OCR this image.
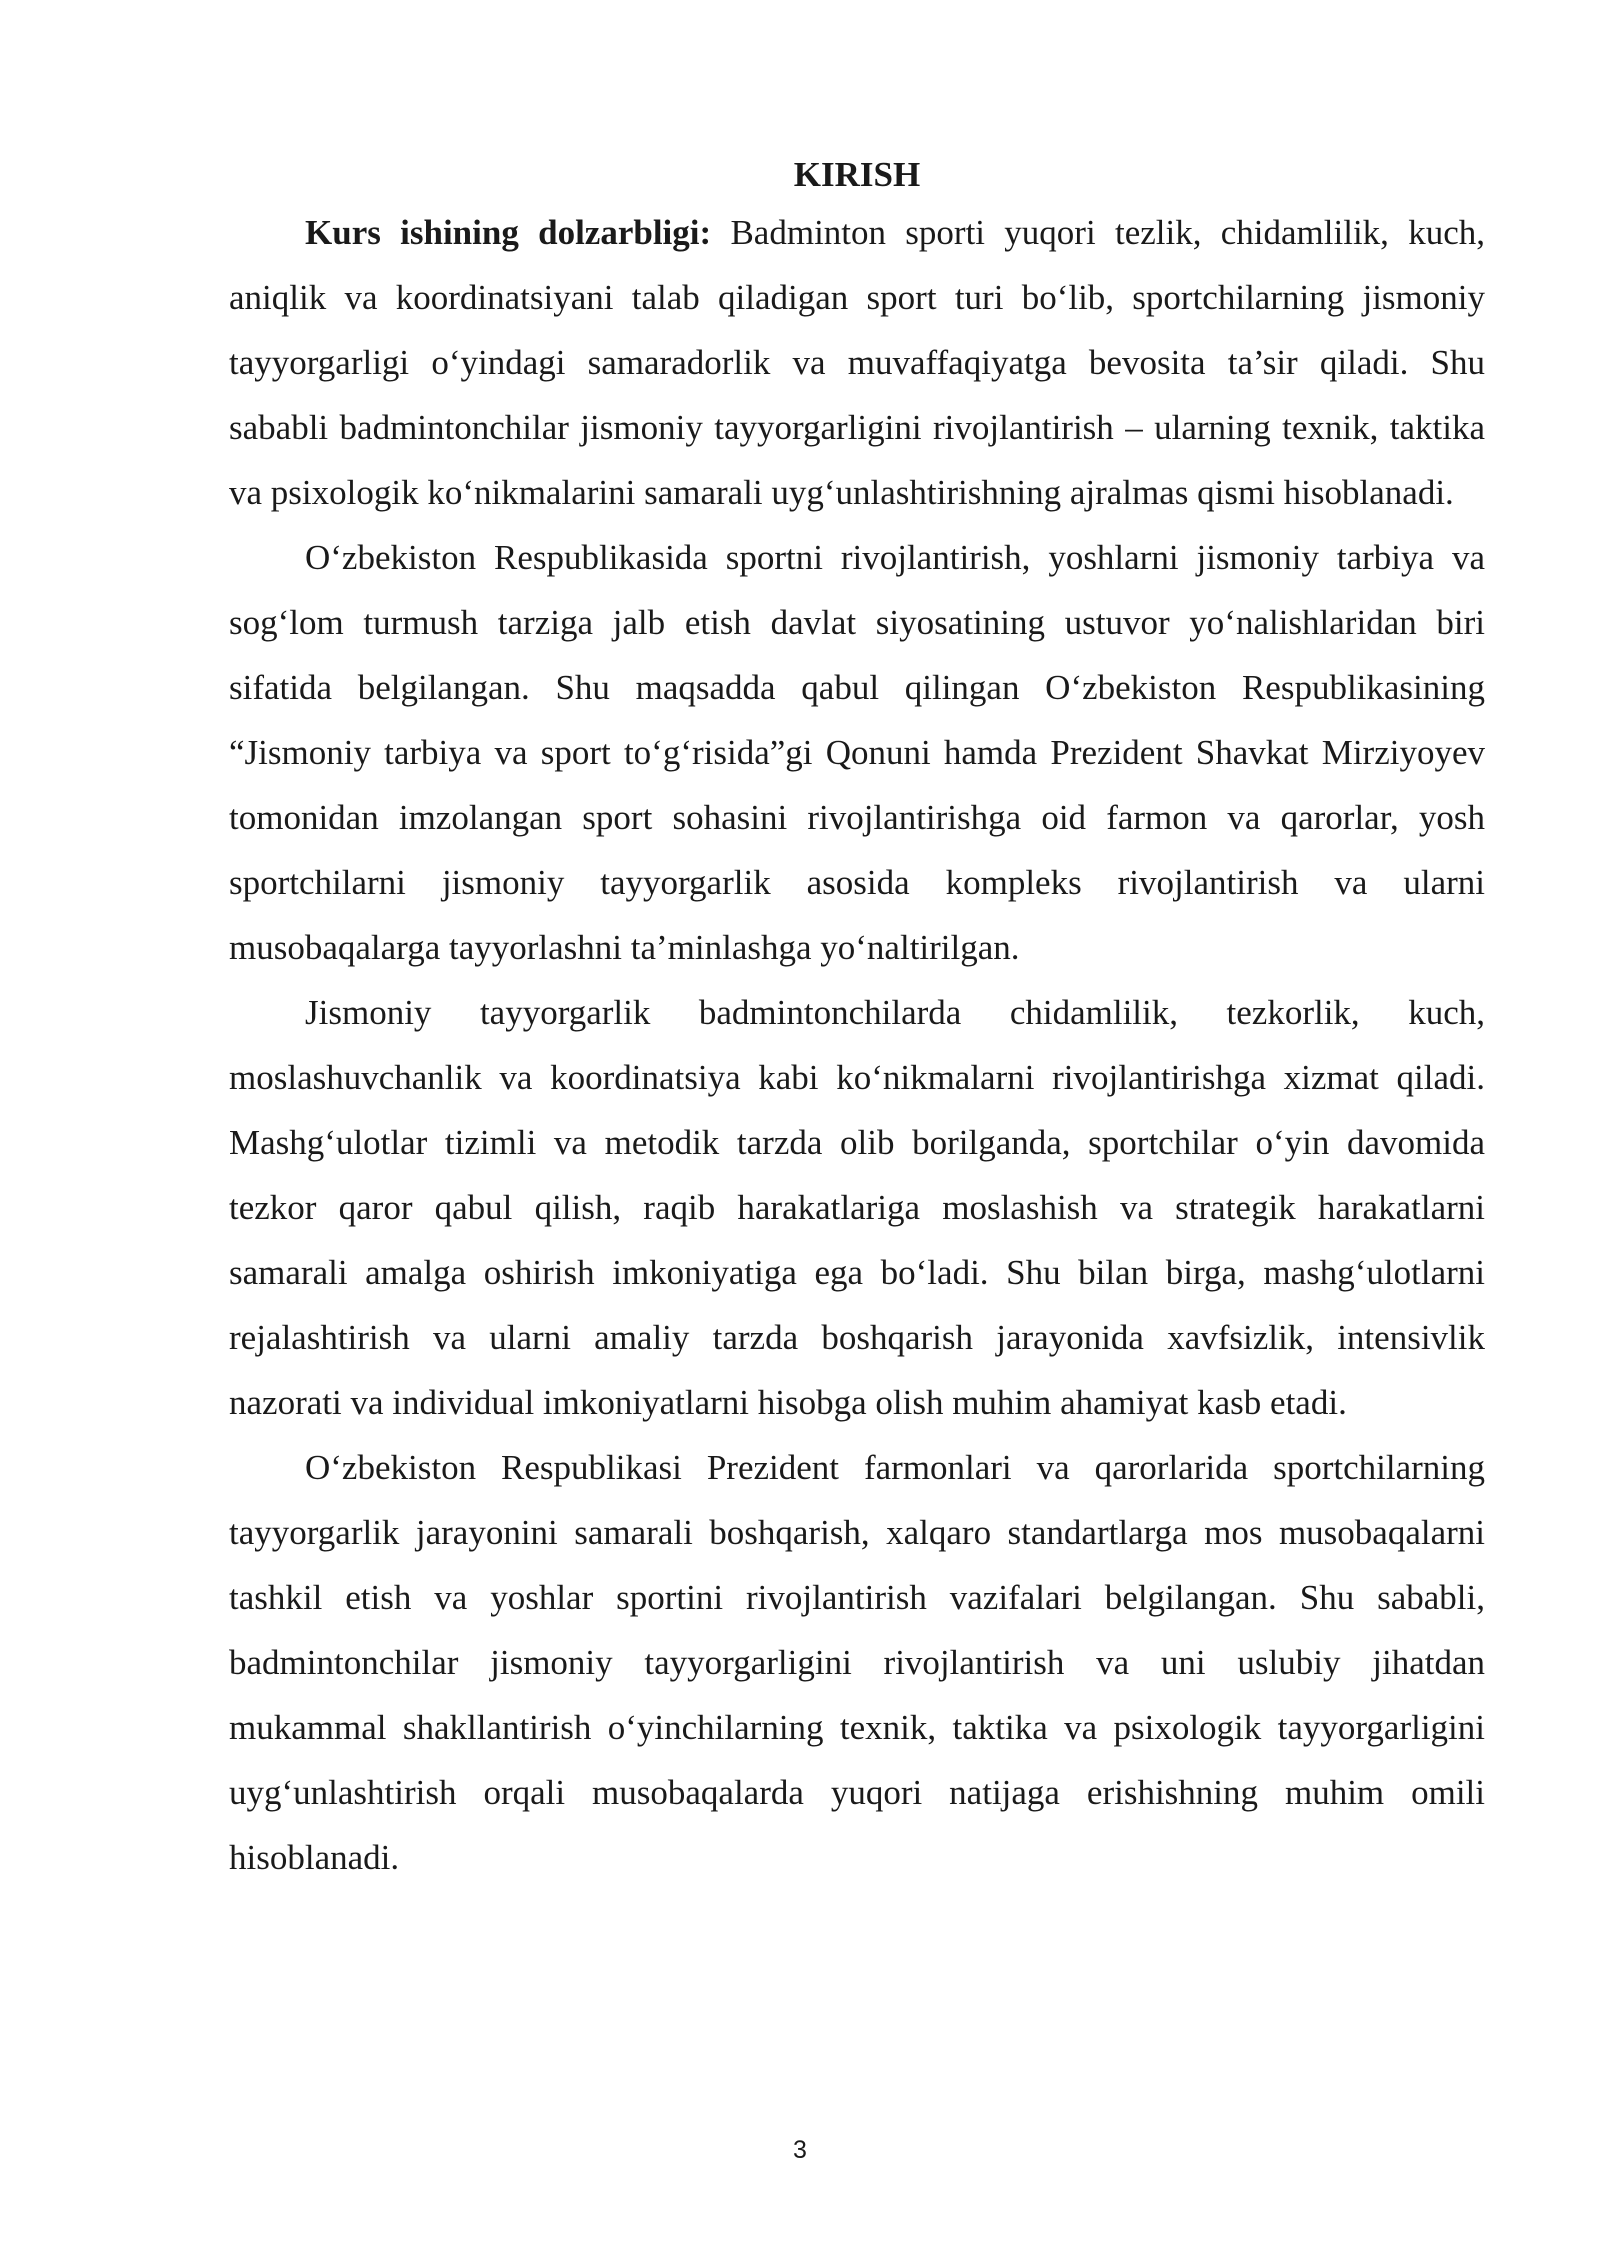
KIRISH

Kurs ishining dolzarbligi: Badminton sporti yuqori tezlik, chidamlilik, kuch, aniqlik va koordinatsiyani talab qiladigan sport turi bo‘lib, sportchilarning jismoniy tayyorgarligi o‘yindagi samaradorlik va muvaffaqiyatga bevosita ta’sir qiladi. Shu sababli badmintonchilar jismoniy tayyorgarligini rivojlantirish – ularning texnik, taktika va psixologik ko‘nikmalarini samarali uyg‘unlashtirishning ajralmas qismi hisoblanadi.

O‘zbekiston Respublikasida sportni rivojlantirish, yoshlarni jismoniy tarbiya va sog‘lom turmush tarziga jalb etish davlat siyosatining ustuvor yo‘nalishlaridan biri sifatida belgilangan. Shu maqsadda qabul qilingan O‘zbekiston Respublikasining “Jismoniy tarbiya va sport to‘g‘risida”gi Qonuni hamda Prezident Shavkat Mirziyoyev tomonidan imzolangan sport sohasini rivojlantirishga oid farmon va qarorlar, yosh sportchilarni jismoniy tayyorgarlik asosida kompleks rivojlantirish va ularni musobaqalarga tayyorlashni ta’minlashga yo‘naltirilgan.

Jismoniy tayyorgarlik badmintonchilarda chidamlilik, tezkorlik, kuch, moslashuvchanlik va koordinatsiya kabi ko‘nikmalarni rivojlantirishga xizmat qiladi. Mashg‘ulotlar tizimli va metodik tarzda olib borilganda, sportchilar o‘yin davomida tezkor qaror qabul qilish, raqib harakatlariga moslashish va strategik harakatlarni samarali amalga oshirish imkoniyatiga ega bo‘ladi. Shu bilan birga, mashg‘ulotlarni rejalashtirish va ularni amaliy tarzda boshqarish jarayonida xavfsizlik, intensivlik nazorati va individual imkoniyatlarni hisobga olish muhim ahamiyat kasb etadi.

O‘zbekiston Respublikasi Prezident farmonlari va qarorlarida sportchilarning tayyorgarlik jarayonini samarali boshqarish, xalqaro standartlarga mos musobaqalarni tashkil etish va yoshlar sportini rivojlantirish vazifalari belgilangan. Shu sababli, badmintonchilar jismoniy tayyorgarligini rivojlantirish va uni uslubiy jihatdan mukammal shakllantirish o‘yinchilarning texnik, taktika va psixologik tayyorgarligini uyg‘unlashtirish orqali musobaqalarda yuqori natijaga erishishning muhim omili hisoblanadi.

3
